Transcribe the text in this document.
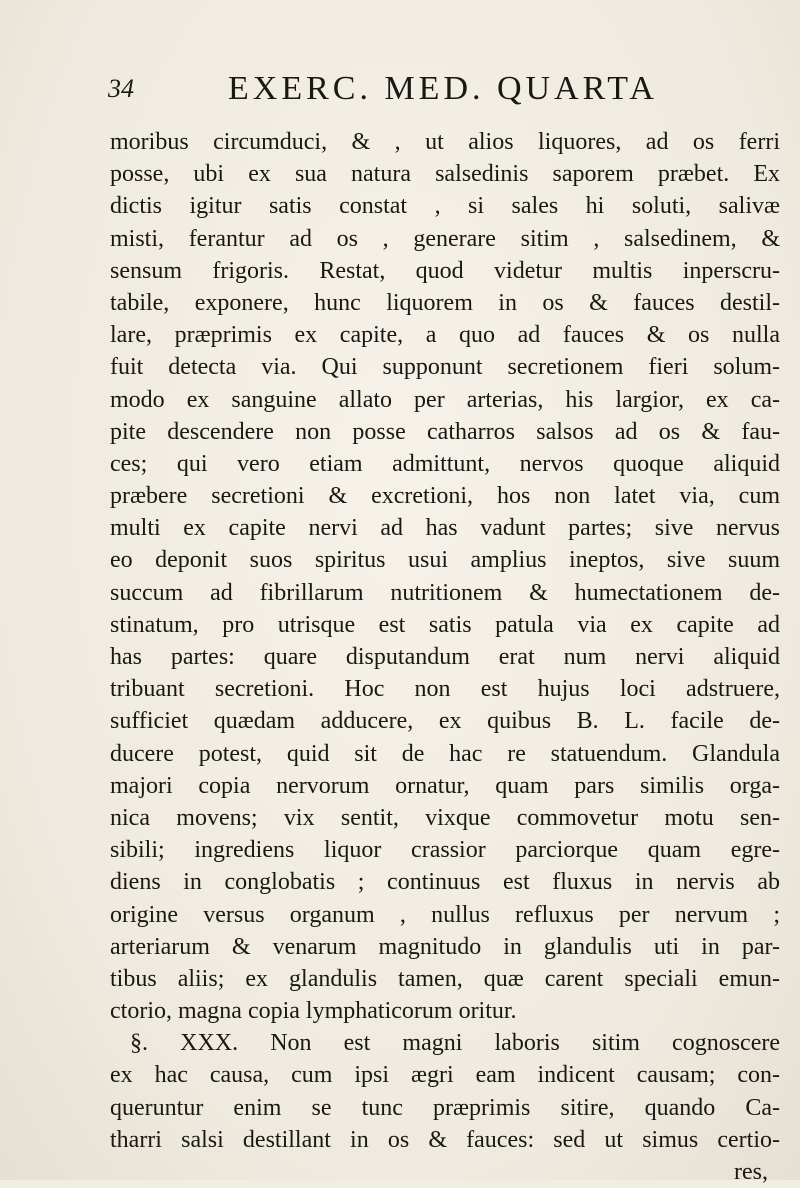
34	EXERC. MED. QUARTA
moribus circumduci, & , ut alios liquores, ad os ferri
posse, ubi ex sua natura salsedinis saporem præbet. Ex
dictis igitur satis constat , si sales hi soluti, salivæ
misti, ferantur ad os , generare sitim , salsedinem, &
sensum frigoris. Restat, quod videtur multis inperscru-
tabile, exponere, hunc liquorem in os & fauces destil-
lare, præprimis ex capite, a quo ad fauces & os nulla
fuit detecta via. Qui supponunt secretionem fieri solum-
modo ex sanguine allato per arterias, his largior, ex ca-
pite descendere non posse catharros salsos ad os & fau-
ces; qui vero etiam admittunt, nervos quoque aliquid
præbere secretioni & excretioni, hos non latet via, cum
multi ex capite nervi ad has vadunt partes; sive nervus
eo deponit suos spiritus usui amplius ineptos, sive suum
succum ad fibrillarum nutritionem & humectationem de-
stinatum, pro utrisque est satis patula via ex capite ad
has partes: quare disputandum erat num nervi aliquid
tribuant secretioni. Hoc non est hujus loci adstruere,
sufficiet quædam adducere, ex quibus B. L. facile de-
ducere potest, quid sit de hac re statuendum. Glandula
majori copia nervorum ornatur, quam pars similis orga-
nica movens; vix sentit, vixque commovetur motu sen-
sibili; ingrediens liquor crassior parciorque quam egre-
diens in conglobatis ; continuus est fluxus in nervis ab
origine versus organum , nullus refluxus per nervum ;
arteriarum & venarum magnitudo in glandulis uti in par-
tibus aliis; ex glandulis tamen, quæ carent speciali emun-
ctorio, magna copia lymphaticorum oritur.
§. XXX. Non est magni laboris sitim cognoscere
ex hac causa, cum ipsi ægri eam indicent causam; con-
queruntur enim se tunc præprimis sitire, quando Ca-
tharri salsi destillant in os & fauces: sed ut simus certio-
res,
